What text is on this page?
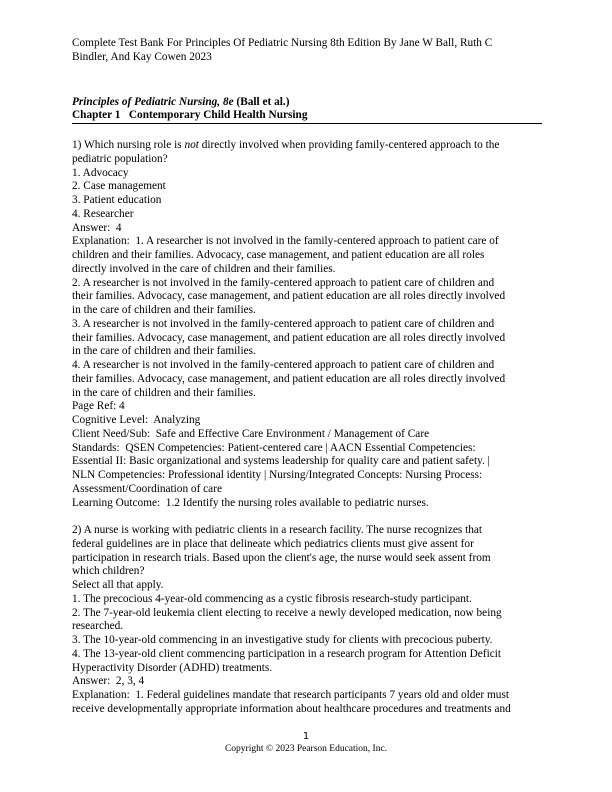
Complete Test Bank For Principles Of Pediatric Nursing 8th Edition By Jane W Ball, Ruth C
Bindler, And Kay Cowen 2023
Principles of Pediatric Nursing, 8e (Ball et al.)
Chapter 1   Contemporary Child Health Nursing
1) Which nursing role is not directly involved when providing family-centered approach to the
pediatric population?
1. Advocacy
2. Case management
3. Patient education
4. Researcher
Answer:  4
Explanation:  1. A researcher is not involved in the family-centered approach to patient care of
children and their families. Advocacy, case management, and patient education are all roles
directly involved in the care of children and their families.
2. A researcher is not involved in the family-centered approach to patient care of children and
their families. Advocacy, case management, and patient education are all roles directly involved
in the care of children and their families.
3. A researcher is not involved in the family-centered approach to patient care of children and
their families. Advocacy, case management, and patient education are all roles directly involved
in the care of children and their families.
4. A researcher is not involved in the family-centered approach to patient care of children and
their families. Advocacy, case management, and patient education are all roles directly involved
in the care of children and their families.
Page Ref: 4
Cognitive Level:  Analyzing
Client Need/Sub:  Safe and Effective Care Environment / Management of Care
Standards:  QSEN Competencies: Patient-centered care | AACN Essential Competencies:
Essential II: Basic organizational and systems leadership for quality care and patient safety. |
NLN Competencies: Professional identity | Nursing/Integrated Concepts: Nursing Process:
Assessment/Coordination of care
Learning Outcome:  1.2 Identify the nursing roles available to pediatric nurses.
2) A nurse is working with pediatric clients in a research facility. The nurse recognizes that
federal guidelines are in place that delineate which pediatrics clients must give assent for
participation in research trials. Based upon the client's age, the nurse would seek assent from
which children?
Select all that apply.
1. The precocious 4-year-old commencing as a cystic fibrosis research-study participant.
2. The 7-year-old leukemia client electing to receive a newly developed medication, now being
researched.
3. The 10-year-old commencing in an investigative study for clients with precocious puberty.
4. The 13-year-old client commencing participation in a research program for Attention Deficit
Hyperactivity Disorder (ADHD) treatments.
Answer:  2, 3, 4
Explanation:  1. Federal guidelines mandate that research participants 7 years old and older must
receive developmentally appropriate information about healthcare procedures and treatments and
1
Copyright © 2023 Pearson Education, Inc.
